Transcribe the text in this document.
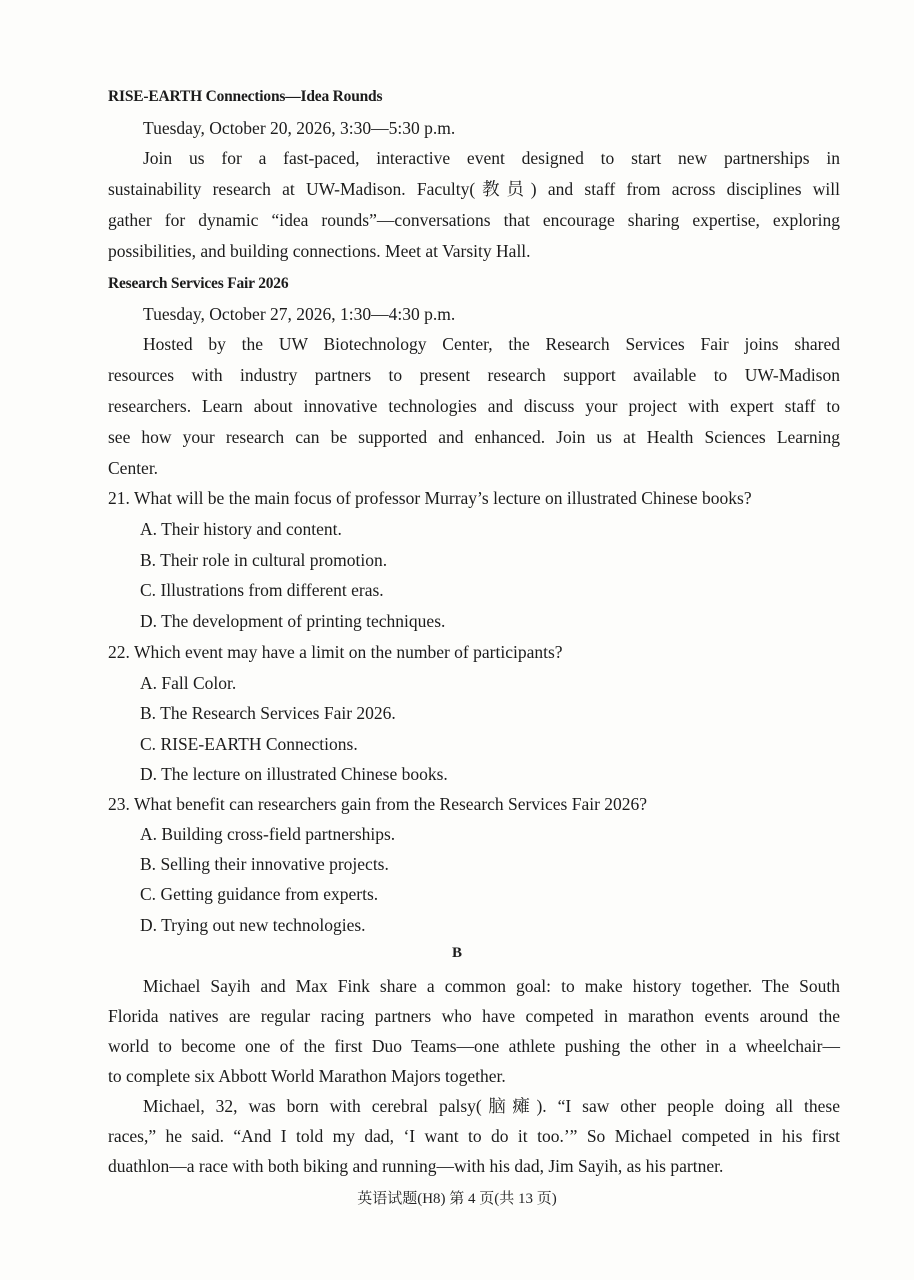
RISE-EARTH Connections—Idea Rounds
Tuesday, October 20, 2026, 3:30—5:30 p.m.
Join us for a fast-paced, interactive event designed to start new partnerships in
sustainability research at UW-Madison. Faculty(教员) and staff from across disciplines will
gather for dynamic “idea rounds”—conversations that encourage sharing expertise, exploring
possibilities, and building connections. Meet at Varsity Hall.
Research Services Fair 2026
Tuesday, October 27, 2026, 1:30—4:30 p.m.
Hosted by the UW Biotechnology Center, the Research Services Fair joins shared
resources with industry partners to present research support available to UW-Madison
researchers. Learn about innovative technologies and discuss your project with expert staff to
see how your research can be supported and enhanced. Join us at Health Sciences Learning
Center.
21. What will be the main focus of professor Murray’s lecture on illustrated Chinese books?
A. Their history and content.
B. Their role in cultural promotion.
C. Illustrations from different eras.
D. The development of printing techniques.
22. Which event may have a limit on the number of participants?
A. Fall Color.
B. The Research Services Fair 2026.
C. RISE-EARTH Connections.
D. The lecture on illustrated Chinese books.
23. What benefit can researchers gain from the Research Services Fair 2026?
A. Building cross-field partnerships.
B. Selling their innovative projects.
C. Getting guidance from experts.
D. Trying out new technologies.
B
Michael Sayih and Max Fink share a common goal: to make history together. The South
Florida natives are regular racing partners who have competed in marathon events around the
world to become one of the first Duo Teams—one athlete pushing the other in a wheelchair—
to complete six Abbott World Marathon Majors together.
Michael, 32, was born with cerebral palsy(脑瘫). “I saw other people doing all these
races,” he said. “And I told my dad, ‘I want to do it too.’” So Michael competed in his first
duathlon—a race with both biking and running—with his dad, Jim Sayih, as his partner.
英语试题(H8) 第 4 页(共 13 页)
